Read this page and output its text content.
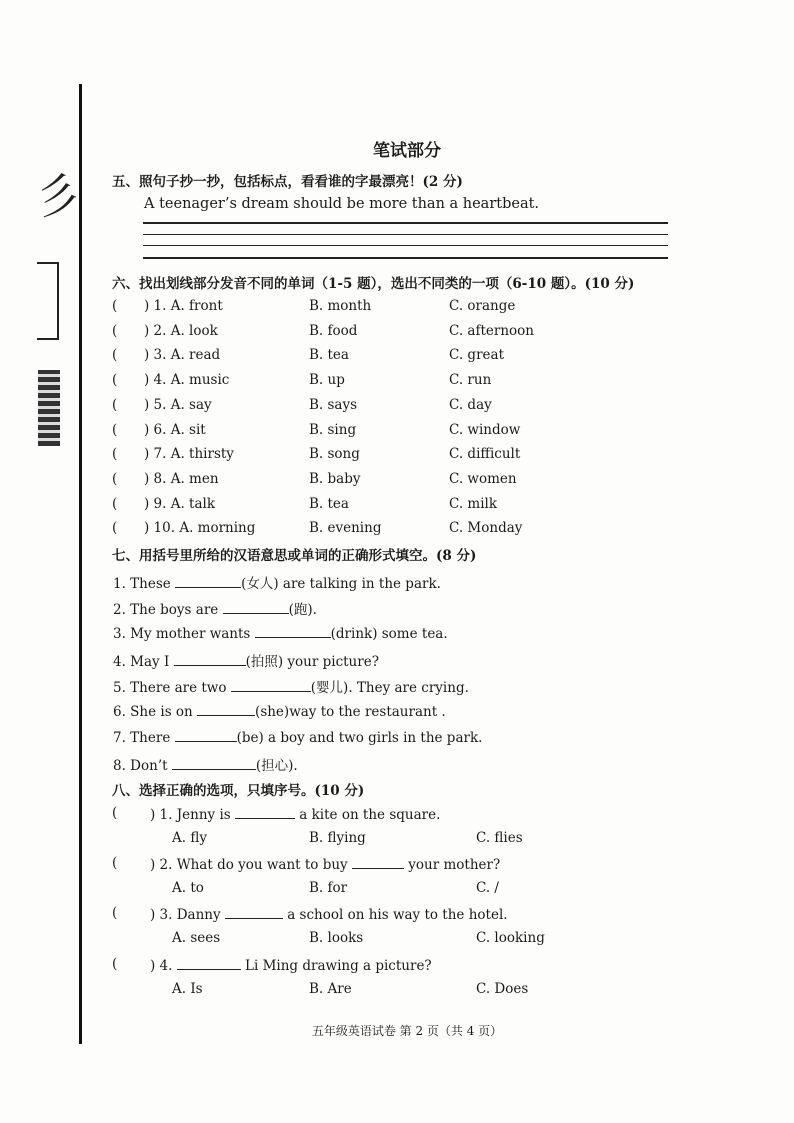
彡
笔试部分
五、照句子抄一抄，包括标点，看看谁的字最漂亮！(2 分)
A teenager’s dream should be more than a heartbeat.
六、找出划线部分发音不同的单词（1-5 题），选出不同类的一项（6-10 题）。(10 分)
( ) 1. A. front	B. month	C. orange
( ) 2. A. look	B. food	C. afternoon
( ) 3. A. read	B. tea	C. great
( ) 4. A. music	B. up	C. run
( ) 5. A. say	B. says	C. day
( ) 6. A. sit	B. sing	C. window
( ) 7. A. thirsty	B. song	C. difficult
( ) 8. A. men	B. baby	C. women
( ) 9. A. talk	B. tea	C. milk
( ) 10. A. morning	B. evening	C. Monday
七、用括号里所给的汉语意思或单词的正确形式填空。(8 分)
1. These	(女人) are talking in the park.
2. The boys are	(跑).
3. My mother wants	(drink) some tea.
4. May I	(拍照) your picture?
5. There are two	(婴儿). They are crying.
6. She is on	(she)way to the restaurant .
7. There	(be) a boy and two girls in the park.
8. Don’t	(担心).
八、选择正确的选项，只填序号。(10 分)
( ) 1. Jenny is	a kite on the square.
A. fly	B. flying	C. flies
( ) 2. What do you want to buy	your mother?
A. to	B. for	C. /
( ) 3. Danny	a school on his way to the hotel.
A. sees	B. looks	C. looking
( ) 4.	Li Ming drawing a picture?
A. Is	B. Are	C. Does
五年级英语试卷 第 2 页（共 4 页）
